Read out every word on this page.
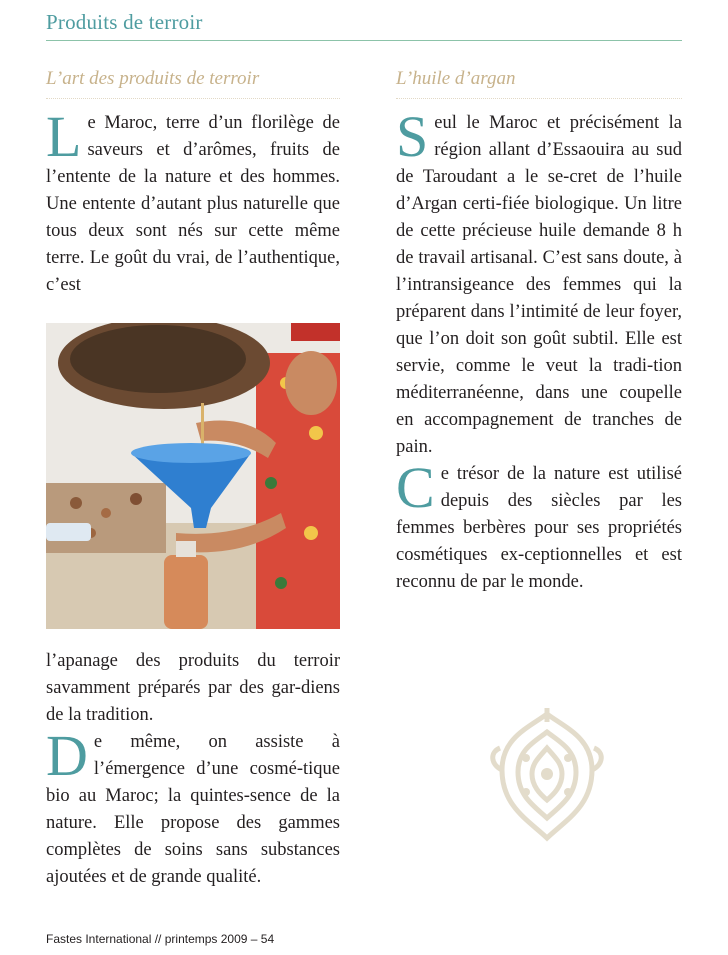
Produits de terroir
L’art des produits de terroir
L e Maroc, terre d’un florilège de saveurs et d’arômes, fruits de l’entente de la nature et des hommes. Une entente d’autant plus naturelle que tous deux sont nés sur cette même terre. Le goût du vrai, de l’authentique, c’est

l’apanage des produits du terroir savamment préparés par des gar-diens de la tradition.

D e même, on assiste à l’émergence d’une cosmé-tique bio au Maroc; la quintes-sence de la nature. Elle propose des gammes complètes de soins sans substances ajoutées et de grande qualité.
L’huile d’argan
S eul le Maroc et précisément la région allant d’Essaouira au sud de Taroudant a le se-cret de l’huile d’Argan certi-fiée biologique. Un litre de cette précieuse huile demande 8 h de travail artisanal. C’est sans doute, à l’intransigeance des femmes qui la préparent dans l’intimité de leur foyer, que l’on doit son goût subtil. Elle est servie, comme le veut la tradi-tion méditerranéenne, dans une coupelle en accompagnement de tranches de pain.
C e trésor de la nature est utilisé depuis des siècles par les femmes berbères pour ses propriétés cosmétiques ex-ceptionnelles et est reconnu de par le monde.
Fastes International // printemps 2009 – 54
